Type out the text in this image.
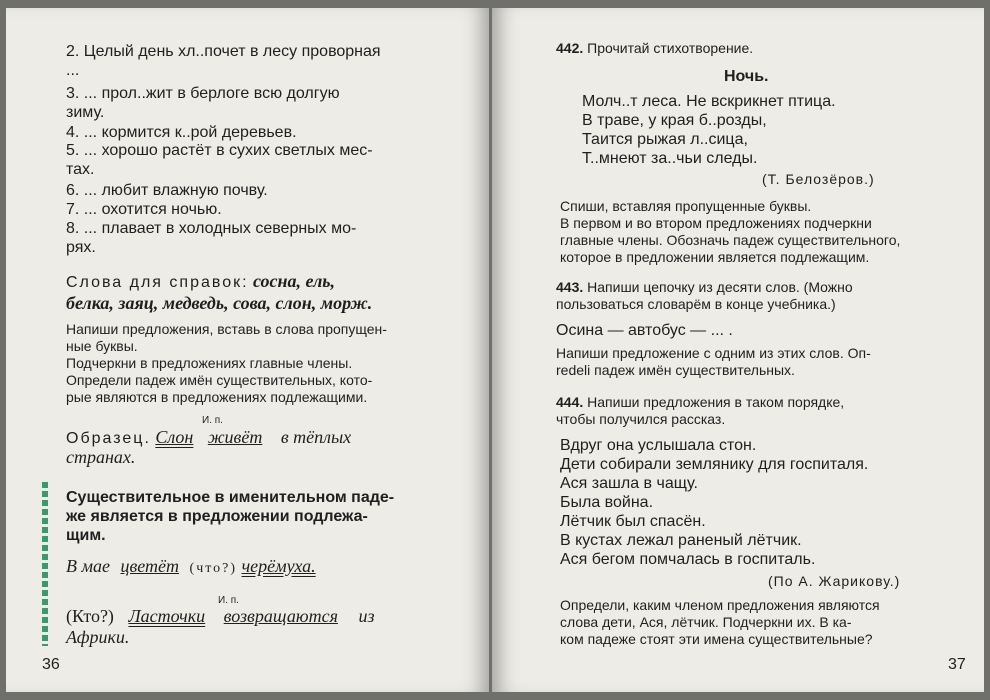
2. Целый день хл..почет в лесу проворная
...
3. ... прол..жит в берлоге всю долгую
зиму.
4. ... кормится к..рой деревьев.
5. ... хорошо растёт в сухих светлых мес-
тах.
6. ... любит влажную почву.
7. ... охотится ночью.
8. ... плавает в холодных северных мо-
рях.
Слова для справок: сосна, ель,
белка, заяц, медведь, сова, слон, морж.
Напиши предложения, вставь в слова пропущен-
ные буквы.
Подчеркни в предложениях главные члены.
Определи падеж имён существительных, кото-
рые являются в предложениях подлежащими.
И. п.
Образец. Слон живёт в тёплых
странах.
Существительное в именительном паде-
же является в предложении подлежа-
щим.
В мае цветёт (что?) черёмуха.
И. п.
(Кто?) Ласточки возвращаются из
Африки.
36
442. Прочитай стихотворение.
Ночь.
Молч..т леса. Не вскрикнет птица.
В траве, у края б..розды,
Таится рыжая л..сица,
Т..мнеют за..чьи следы.
(Т. Белозёров.)
Спиши, вставляя пропущенные буквы.
В первом и во втором предложениях подчеркни
главные члены. Обозначь падеж существительного,
которое в предложении является подлежащим.
443. Напиши цепочку из десяти слов. (Можно
пользоваться словарём в конце учебника.)
Осина — автобус — ... .
Напиши предложение с одним из этих слов. Оп-
redeli падеж имён существительных.
444. Напиши предложения в таком порядке,
чтобы получился рассказ.
Вдруг она услышала стон.
Дети собирали землянику для госпиталя.
Ася зашла в чащу.
Была война.
Лётчик был спасён.
В кустах лежал раненый лётчик.
Ася бегом помчалась в госпиталь.
(По А. Жарикову.)
Определи, каким членом предложения являются
слова дети, Ася, лётчик. Подчеркни их. В ка-
ком падеже стоят эти имена существительные?
37
